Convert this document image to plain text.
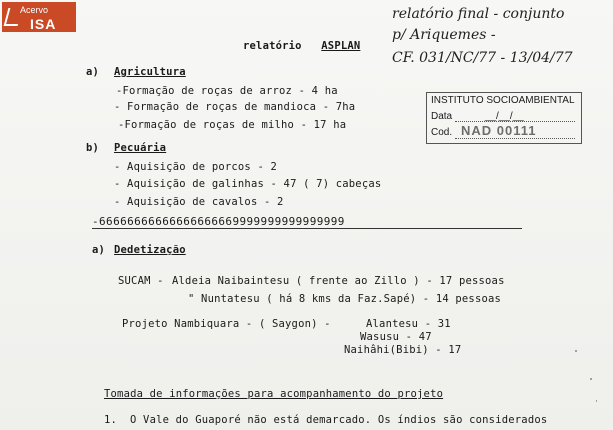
Acervo
ISA
relatório final - conjunto
p/ Ariquemes -
CF. 031/NC/77 - 13/04/77
INSTITUTO SOCIOAMBIENTAL
Data	__/__/__
Cod. NAD 00111
relatório ASPLAN
a) Agricultura
-Formação de roças de arroz - 4 ha
- Formação de roças de mandioca - 7ha
-Formação de roças de milho - 17 ha
b) Pecuária
- Aquisição de porcos - 2
- Aquisição de galinhas - 47 ( 7) cabeças
- Aquisição de cavalos - 2
-66666666666666666669999999999999999
a) Dedetização
SUCAM - Aldeia Naibaintesu ( frente ao Zillo ) - 17 pessoas
" Nuntatesu ( há 8 kms da Faz.Sapé) - 14 pessoas
Projeto Nambiquara - ( Saygon) -	Alantesu - 31
Wasusu - 47
Naihâhi(Bibi) - 17
Tomada de informações para acompanhamento do projeto
1. O Vale do Guaporé não está demarcado. Os índios são considerados
